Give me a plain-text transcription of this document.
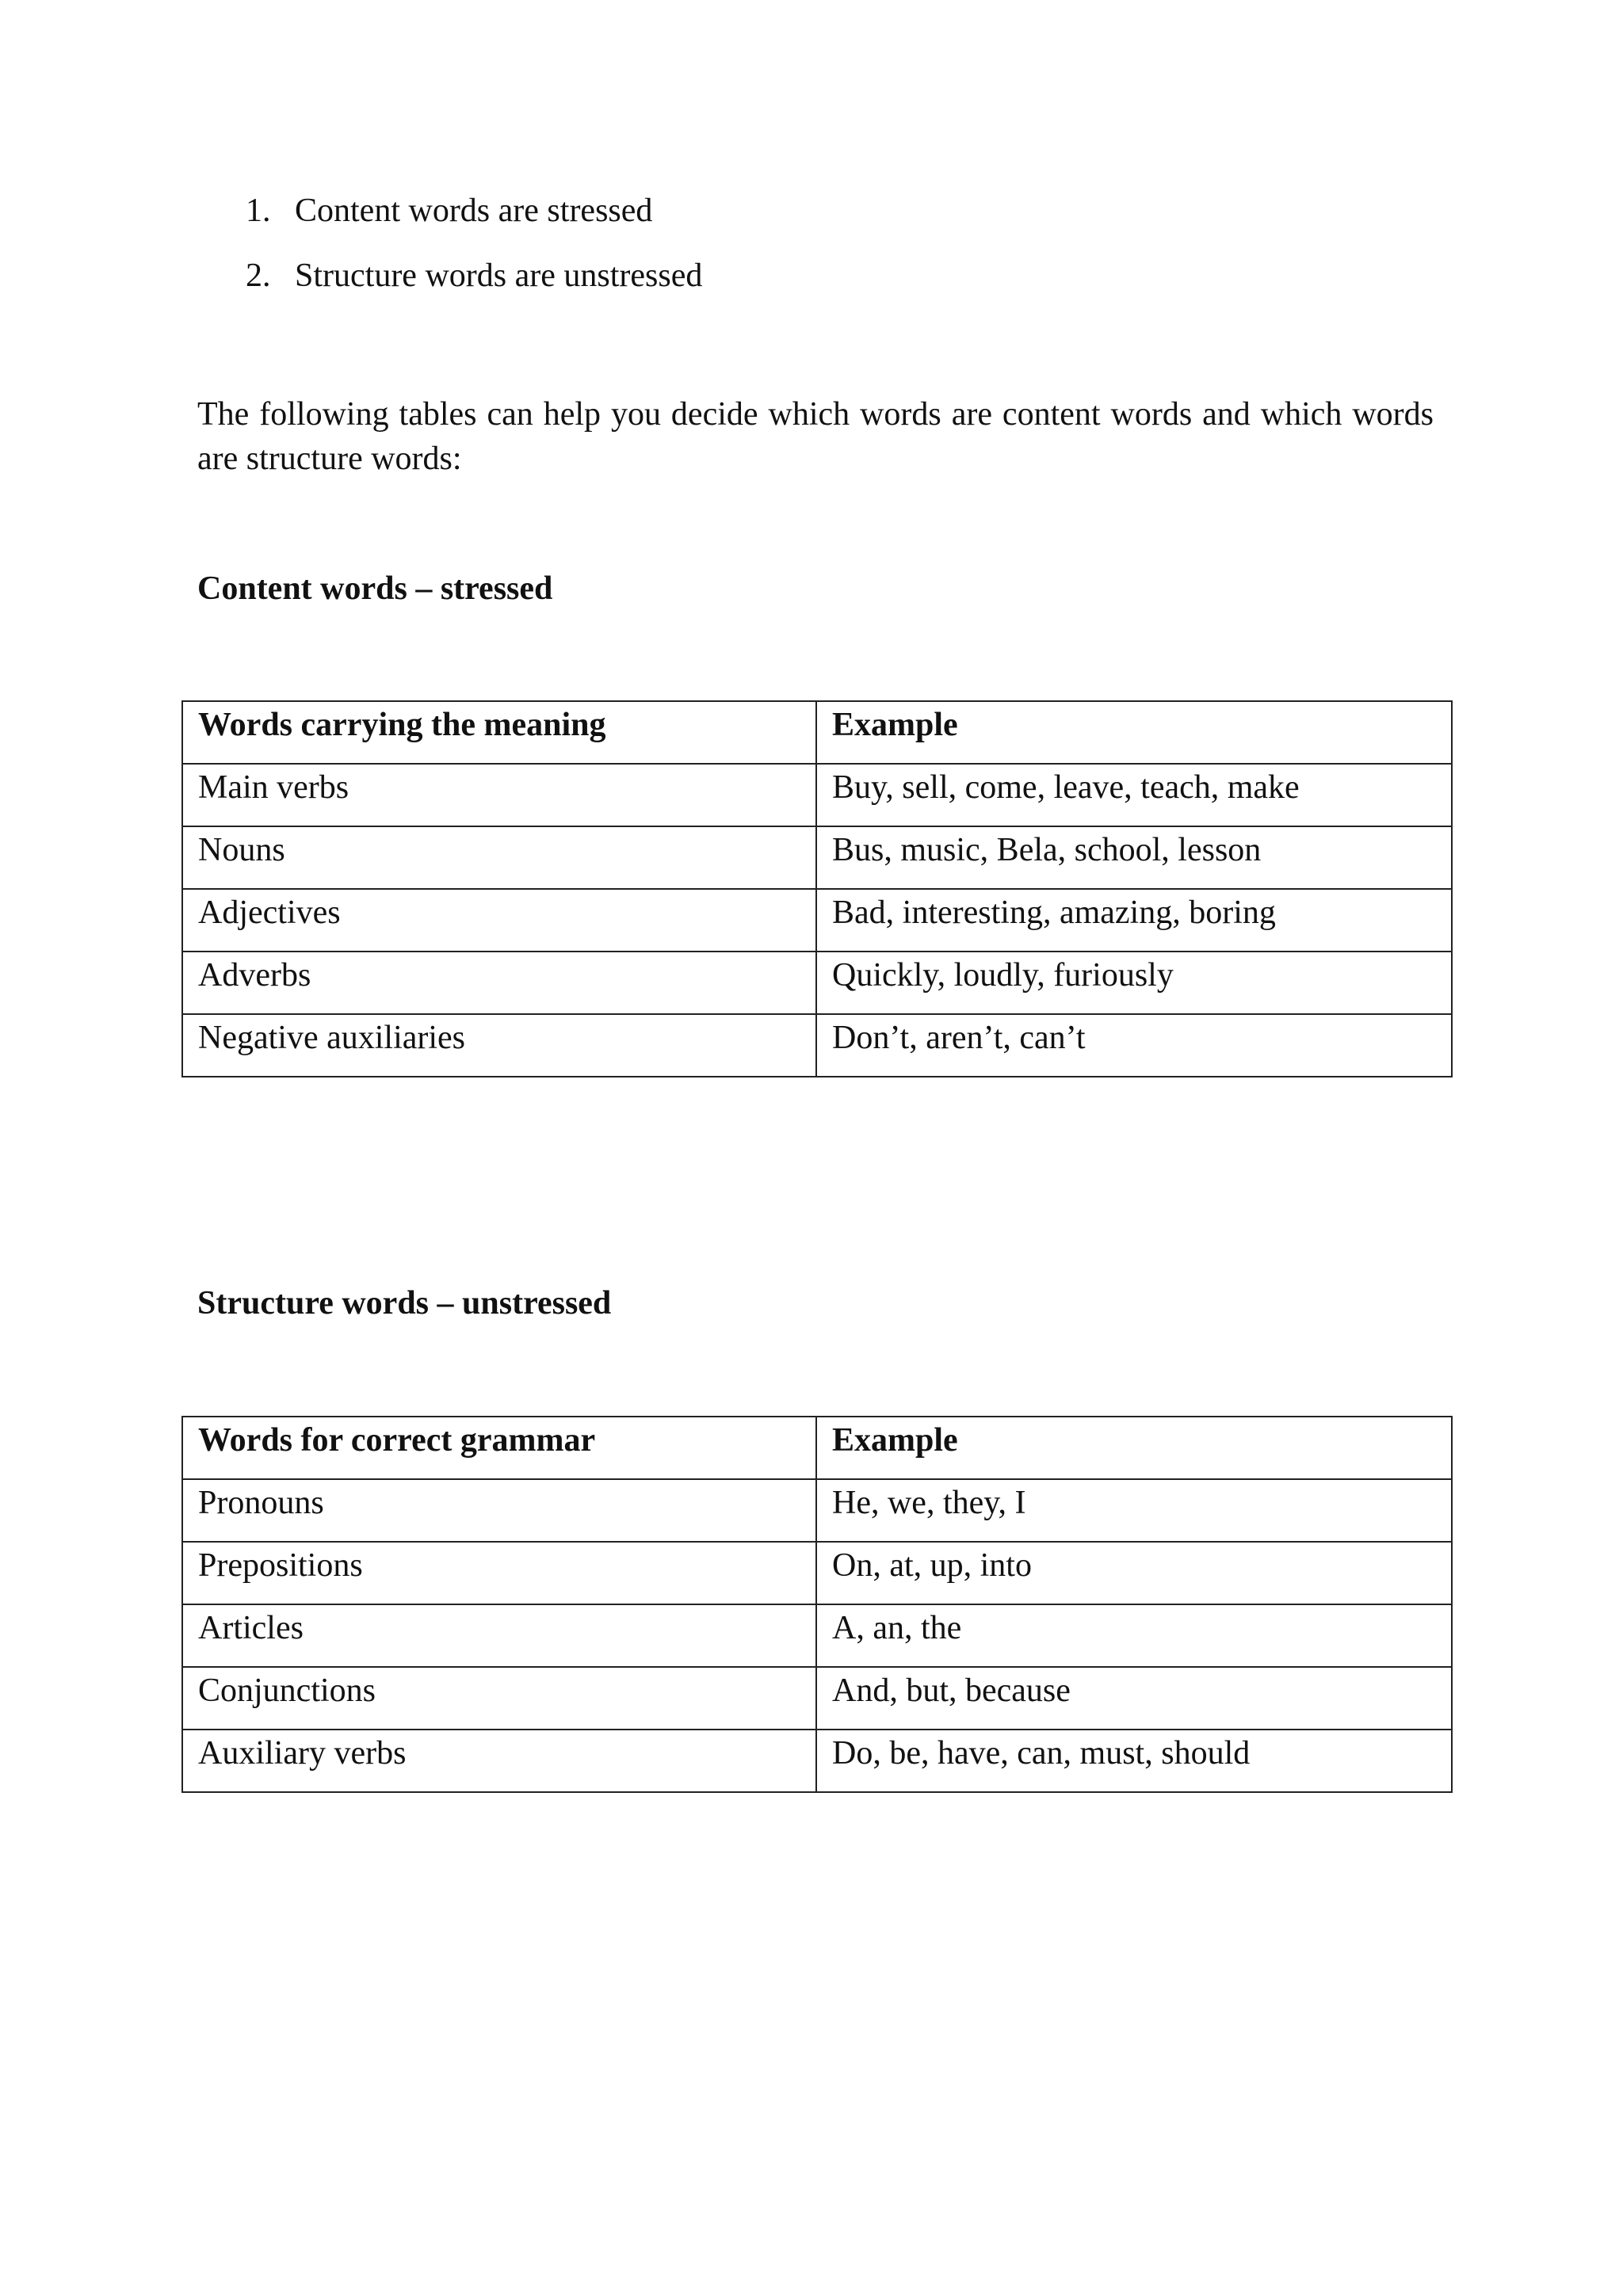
1. Content words are stressed
2. Structure words are unstressed

The following tables can help you decide which words are content words and which words are structure words:

Content words – stressed
Words carrying the meaning	Example
Main verbs	Buy, sell, come, leave, teach, make
Nouns	Bus, music, Bela, school, lesson
Adjectives	Bad, interesting, amazing, boring
Adverbs	Quickly, loudly, furiously
Negative auxiliaries	Don’t, aren’t, can’t
Structure words – unstressed
Words for correct grammar	Example
Pronouns	He, we, they, I
Prepositions	On, at, up, into
Articles	A, an, the
Conjunctions	And, but, because
Auxiliary verbs	Do, be, have, can, must, should
